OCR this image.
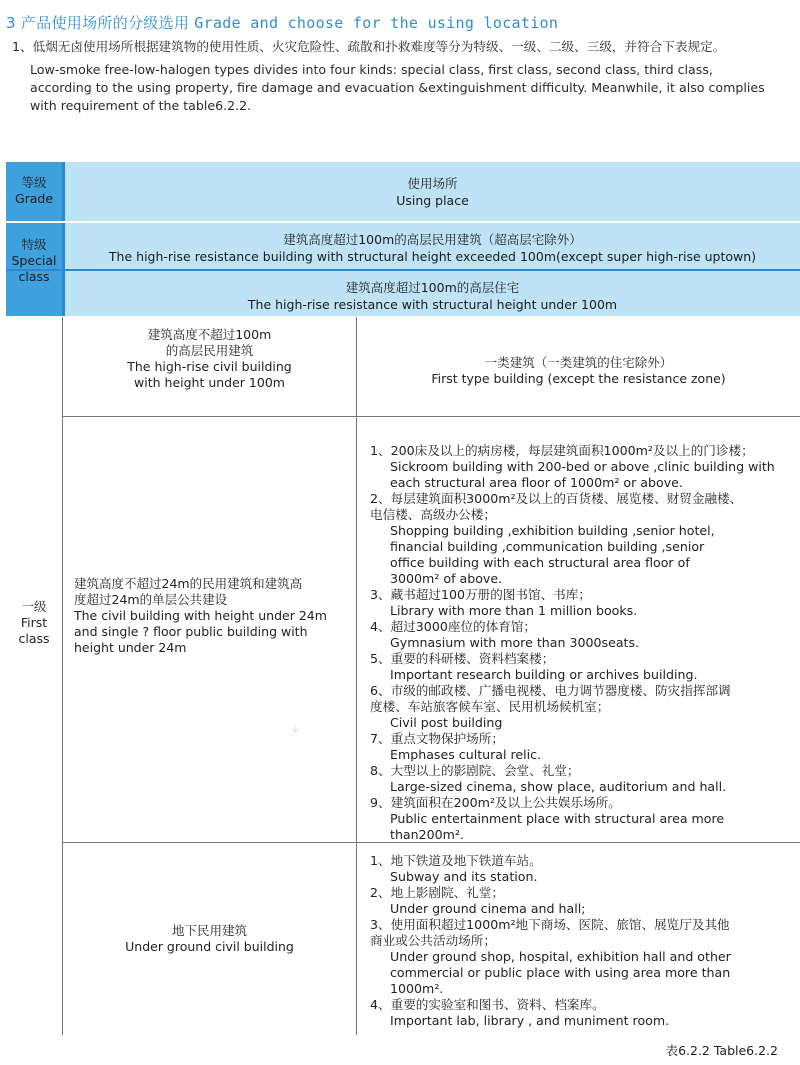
3 产品使用场所的分级选用 Grade and choose for the using location
1、低烟无卤使用场所根据建筑物的使用性质、火灾危险性、疏散和扑救难度等分为特级、一级、二级、三级，并符合下表规定。
Low-smoke free-low-halogen types divides into four kinds: special class, first class, second class, third class, according to the using property, fire damage and evacuation &extinguishment difficulty. Meanwhile, it also complies with requirement of the table6.2.2.
等级
Grade
使用场所
Using place
特级
Special
class
建筑高度超过100m的高层民用建筑（超高层宅除外）
The high-rise resistance building with structural height exceeded 100m(except super high-rise uptown)
建筑高度超过100m的高层住宅
The high-rise resistance with structural height under 100m
一级
First
class
建筑高度不超过100m
的高层民用建筑
The high-rise civil building
with height under 100m
一类建筑（一类建筑的住宅除外）
First type building (except the resistance zone)
建筑高度不超过24m的民用建筑和建筑高
度超过24m的单层公共建设
The civil building with height under 24m
and single ? floor public building with
height under 24m
1、200床及以上的病房楼，每层建筑面积1000m²及以上的门诊楼；
Sickroom building with 200-bed or above ,clinic building with
each structural area floor of 1000m² or above.
2、每层建筑面积3000m²及以上的百货楼、展览楼、财贸金融楼、
电信楼、高级办公楼；
Shopping building ,exhibition building ,senior hotel,
financial building ,communication building ,senior
office building with each structural area floor of
3000m² of above.
3、藏书超过100万册的图书馆、书库；
Library with more than 1 million books.
4、超过3000座位的体育馆；
Gymnasium with more than 3000seats.
5、重要的科研楼、资料档案楼；
Important research building or archives building.
6、市级的邮政楼、广播电视楼、电力调节器度楼、防灾指挥部调
度楼、车站旅客候车室、民用机场候机室；
Civil post building
7、重点文物保护场所；
Emphases cultural relic.
8、大型以上的影剧院、会堂、礼堂；
Large-sized cinema, show place, auditorium and hall.
9、建筑面积在200m²及以上公共娱乐场所。
Public entertainment place with structural area more than200m².
地下民用建筑
Under ground civil building
1、地下铁道及地下铁道车站。
Subway and its station.
2、地上影剧院、礼堂；
Under ground cinema and hall;
3、使用面积超过1000m²地下商场、医院、旅馆、展览厅及其他
商业或公共活动场所；
Under ground shop, hospital, exhibition hall and other
commercial or public place with using area more than
1000m².
4、重要的实验室和图书、资料、档案库。
Important lab, library , and muniment room.
⁘
表6.2.2 Table6.2.2
